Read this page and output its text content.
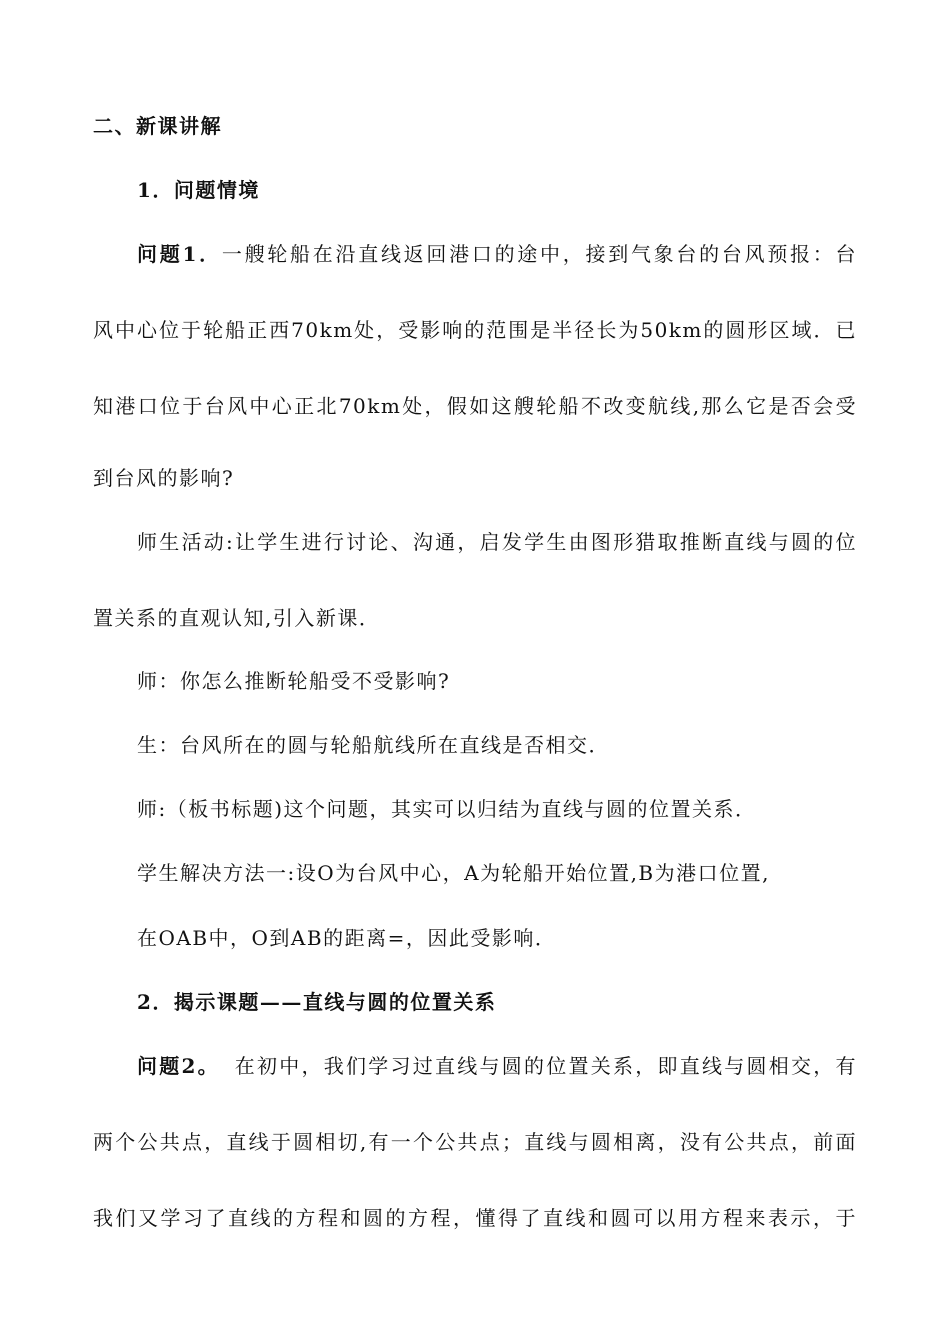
二、新课讲解
1．问题情境
问题1．一艘轮船在沿直线返回港口的途中，接到气象台的台风预报：台
风中心位于轮船正西70km处，受影响的范围是半径长为50km的圆形区域．已
知港口位于台风中心正北70km处，假如这艘轮船不改变航线,那么它是否会受
到台风的影响?
师生活动:让学生进行讨论、沟通，启发学生由图形猎取推断直线与圆的位
置关系的直观认知,引入新课．
师：你怎么推断轮船受不受影响?
生：台风所在的圆与轮船航线所在直线是否相交．
师:（板书标题)这个问题，其实可以归结为直线与圆的位置关系．
学生解决方法一:设O为台风中心，A为轮船开始位置,B为港口位置,
在OAB中，O到AB的距离=，因此受影响．
2．揭示课题——直线与圆的位置关系
问题2。 在初中，我们学习过直线与圆的位置关系，即直线与圆相交，有
两个公共点，直线于圆相切,有一个公共点；直线与圆相离，没有公共点，前面
我们又学习了直线的方程和圆的方程，懂得了直线和圆可以用方程来表示，于
